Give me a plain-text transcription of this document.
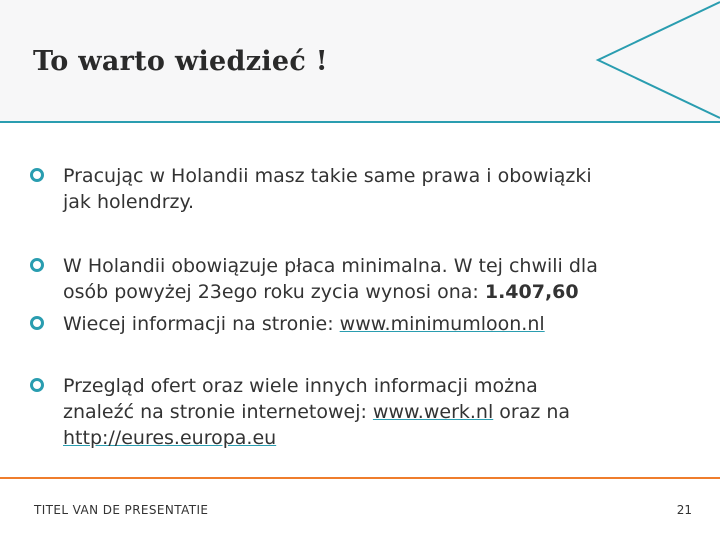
To warto wiedzieć !
Pracując w Holandii masz takie same prawa i obowiązki
jak holendrzy.
W Holandii obowiązuje płaca minimalna. W tej chwili dla
osób powyżej 23ego roku zycia wynosi ona: 1.407,60
Wiecej informacji na stronie: www.minimumloon.nl
Przegląd ofert oraz wiele innych informacji można
znaleźć na stronie internetowej: www.werk.nl oraz na
http://eures.europa.eu
TITEL VAN DE PRESENTATIE	21
